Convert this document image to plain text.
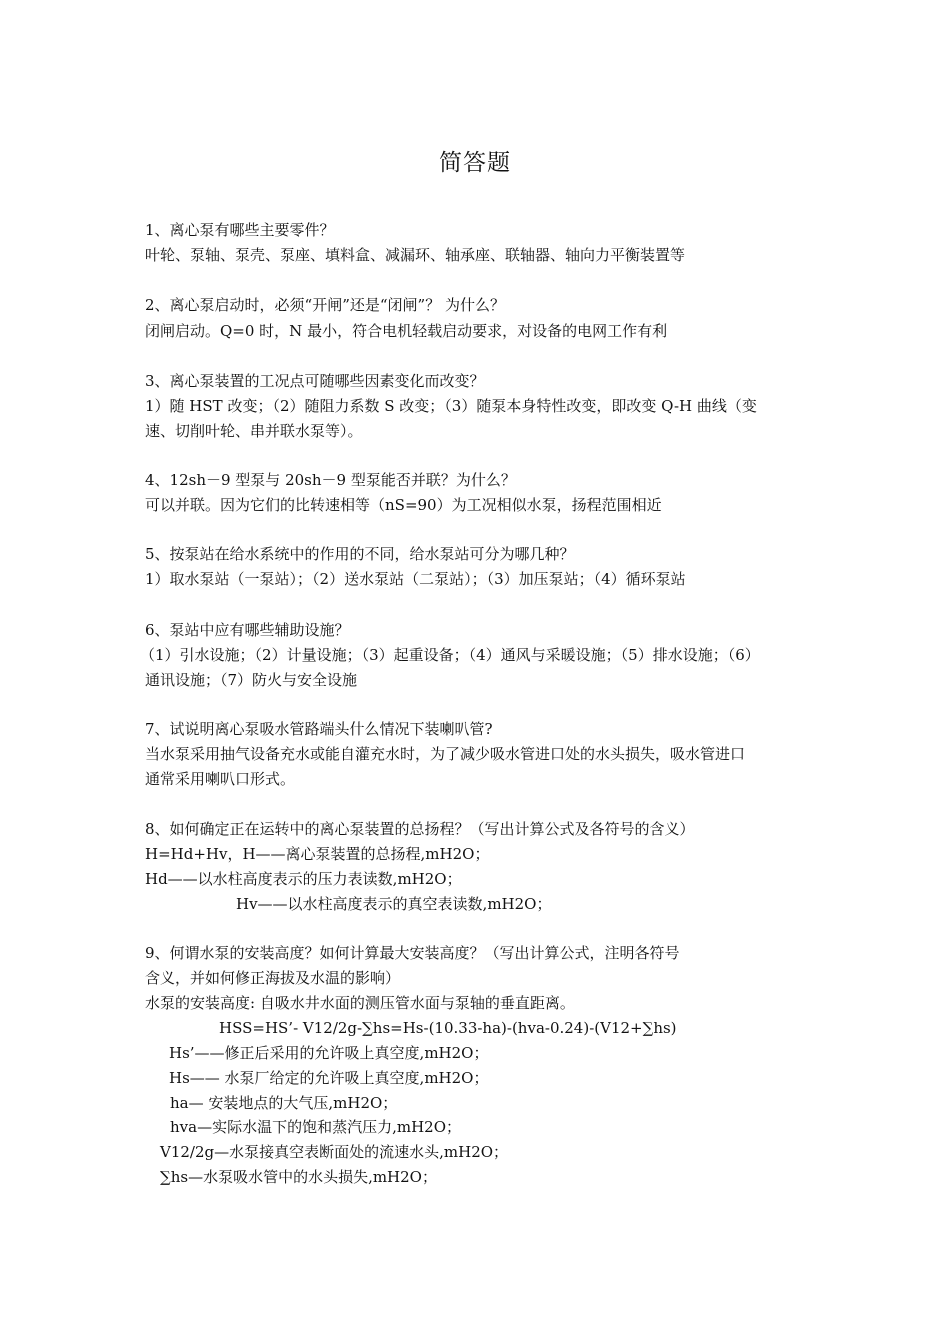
简答题
1、离心泵有哪些主要零件？
叶轮、泵轴、泵壳、泵座、填料盒、减漏环、轴承座、联轴器、轴向力平衡装置等
2、离心泵启动时，必须“开闸”还是“闭闸”？ 为什么？
闭闸启动。Q=0 时，N 最小，符合电机轻载启动要求，对设备的电网工作有利
3、离心泵装置的工况点可随哪些因素变化而改变？
1）随 HST 改变；（2）随阻力系数 S 改变；（3）随泵本身特性改变，即改变 Q-H 曲线（变
速、切削叶轮、串并联水泵等）。
4、12sh－9 型泵与 20sh－9 型泵能否并联？为什么？
可以并联。因为它们的比转速相等（nS=90）为工况相似水泵，扬程范围相近
5、按泵站在给水系统中的作用的不同，给水泵站可分为哪几种？
1）取水泵站（一泵站）；（2）送水泵站（二泵站）；（3）加压泵站；（4）循环泵站
6、泵站中应有哪些辅助设施？
（1）引水设施；（2）计量设施；（3）起重设备；（4）通风与采暖设施；（5）排水设施；（6）
通讯设施；（7）防火与安全设施
7、试说明离心泵吸水管路端头什么情况下装喇叭管?
当水泵采用抽气设备充水或能自灌充水时，为了减少吸水管进口处的水头损失，吸水管进口
通常采用喇叭口形式。
8、如何确定正在运转中的离心泵装置的总扬程？（写出计算公式及各符号的含义）
H=Hd+Hv，H——离心泵装置的总扬程,mH2O；
Hd——以水柱高度表示的压力表读数,mH2O；
Hv——以水柱高度表示的真空表读数,mH2O；
9、何谓水泵的安装高度？如何计算最大安装高度？（写出计算公式，注明各符号
含义，并如何修正海拔及水温的影响）
水泵的安装高度: 自吸水井水面的测压管水面与泵轴的垂直距离。
HSS=HS’- V12/2g-∑hs=Hs-(10.33-ha)-(hva-0.24)-(V12+∑hs)
Hs’——修正后采用的允许吸上真空度,mH2O；
Hs—— 水泵厂给定的允许吸上真空度,mH2O；
ha— 安装地点的大气压,mH2O；
hva—实际水温下的饱和蒸汽压力,mH2O；
V12/2g—水泵接真空表断面处的流速水头,mH2O；
∑hs—水泵吸水管中的水头损失,mH2O；
